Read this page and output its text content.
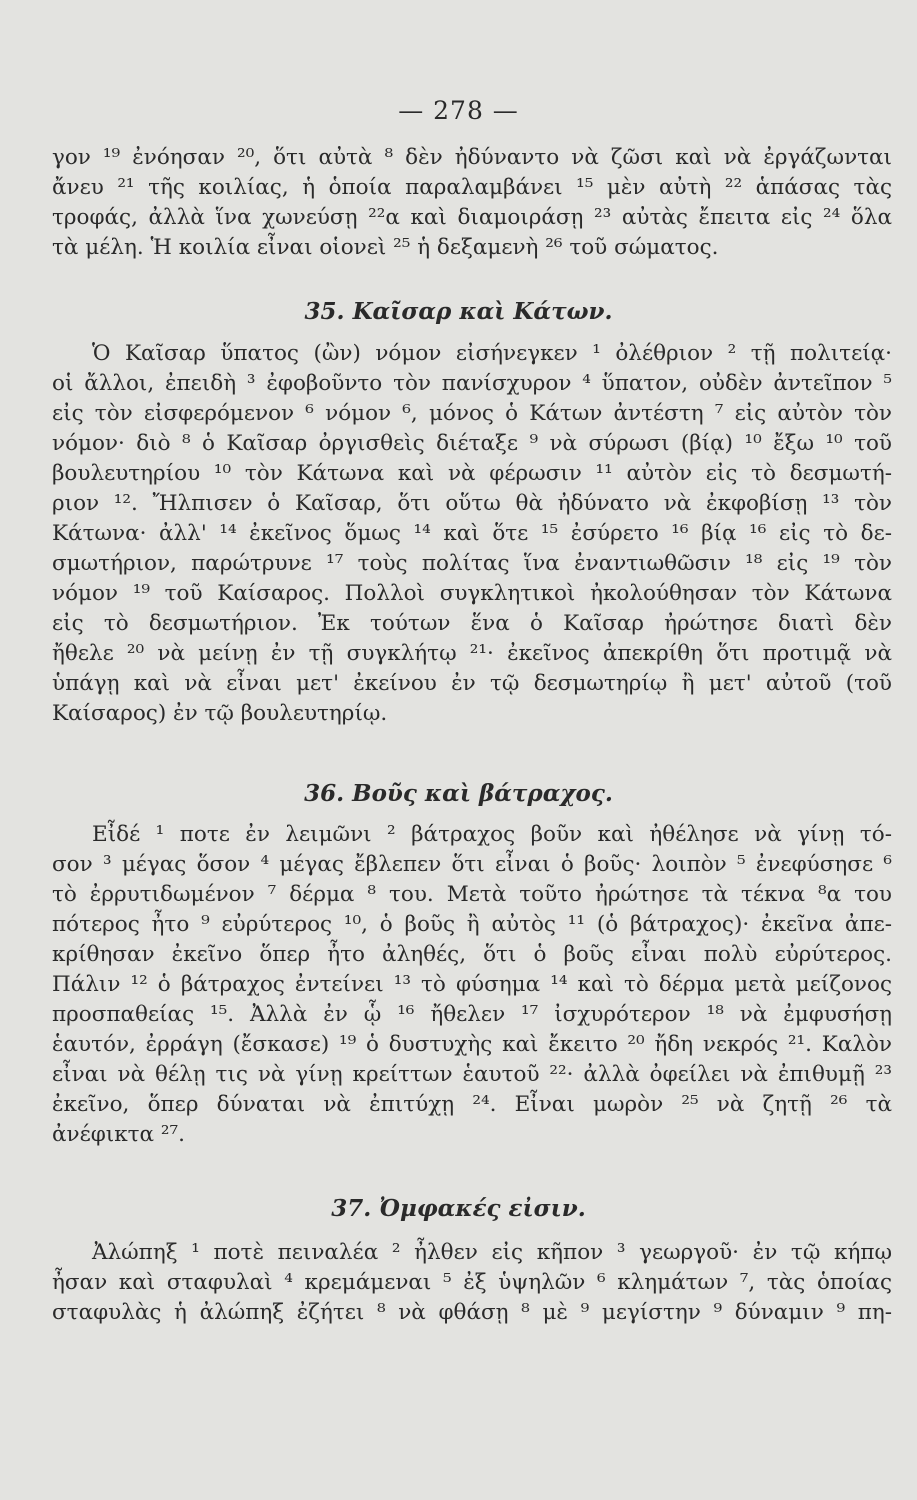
— 278 —
γον ¹⁹ ἐνόησαν ²⁰, ὅτι αὐτὰ ⁸ δὲν ἠδύναντο νὰ ζῶσι καὶ νὰ ἐργάζωνται
ἄνευ ²¹ τῆς κοιλίας, ἡ ὁποία παραλαμβάνει ¹⁵ μὲν αὐτὴ ²² ἁπάσας τὰς
τροφάς, ἀλλὰ ἵνα χωνεύσῃ ²²α καὶ διαμοιράσῃ ²³ αὐτὰς ἔπειτα εἰς ²⁴ ὅλα
τὰ μέλη. Ἡ κοιλία εἶναι οἱονεὶ ²⁵ ἡ δεξαμενὴ ²⁶ τοῦ σώματος.
35. Καῖσαρ καὶ Κάτων.
Ὁ Καῖσαρ ὕπατος (ὢν) νόμον εἰσήνεγκεν ¹ ὀλέθριον ² τῇ πολιτείᾳ·
οἱ ἄλλοι, ἐπειδὴ ³ ἐφοβοῦντο τὸν πανίσχυρον ⁴ ὕπατον, οὐδὲν ἀντεῖπον ⁵
εἰς τὸν εἰσφερόμενον ⁶ νόμον ⁶, μόνος ὁ Κάτων ἀντέστη ⁷ εἰς αὐτὸν τὸν
νόμον· διὸ ⁸ ὁ Καῖσαρ ὀργισθεὶς διέταξε ⁹ νὰ σύρωσι (βίᾳ) ¹⁰ ἔξω ¹⁰ τοῦ
βουλευτηρίου ¹⁰ τὸν Κάτωνα καὶ νὰ φέρωσιν ¹¹ αὐτὸν εἰς τὸ δεσμωτή-
ριον ¹². Ἤλπισεν ὁ Καῖσαρ, ὅτι οὕτω θὰ ἠδύνατο νὰ ἐκφοβίσῃ ¹³ τὸν
Κάτωνα· ἀλλ' ¹⁴ ἐκεῖνος ὅμως ¹⁴ καὶ ὅτε ¹⁵ ἐσύρετο ¹⁶ βίᾳ ¹⁶ εἰς τὸ δε-
σμωτήριον, παρώτρυνε ¹⁷ τοὺς πολίτας ἵνα ἐναντιωθῶσιν ¹⁸ εἰς ¹⁹ τὸν
νόμον ¹⁹ τοῦ Καίσαρος. Πολλοὶ συγκλητικοὶ ἠκολούθησαν τὸν Κάτωνα
εἰς τὸ δεσμωτήριον. Ἐκ τούτων ἕνα ὁ Καῖσαρ ἠρώτησε διατὶ δὲν
ἤθελε ²⁰ νὰ μείνῃ ἐν τῇ συγκλήτῳ ²¹· ἐκεῖνος ἀπεκρίθη ὅτι προτιμᾷ νὰ
ὑπάγῃ καὶ νὰ εἶναι μετ' ἐκείνου ἐν τῷ δεσμωτηρίῳ ἢ μετ' αὐτοῦ (τοῦ
Καίσαρος) ἐν τῷ βουλευτηρίῳ.
36. Βοῦς καὶ βάτραχος.
Εἶδέ ¹ ποτε ἐν λειμῶνι ² βάτραχος βοῦν καὶ ἠθέλησε νὰ γίνῃ τό-
σον ³ μέγας ὅσον ⁴ μέγας ἔβλεπεν ὅτι εἶναι ὁ βοῦς· λοιπὸν ⁵ ἐνεφύσησε ⁶
τὸ ἐρρυτιδωμένον ⁷ δέρμα ⁸ του. Μετὰ τοῦτο ἠρώτησε τὰ τέκνα ⁸α του
πότερος ἦτο ⁹ εὐρύτερος ¹⁰, ὁ βοῦς ἢ αὐτὸς ¹¹ (ὁ βάτραχος)· ἐκεῖνα ἀπε-
κρίθησαν ἐκεῖνο ὅπερ ἦτο ἀληθές, ὅτι ὁ βοῦς εἶναι πολὺ εὐρύτερος.
Πάλιν ¹² ὁ βάτραχος ἐντείνει ¹³ τὸ φύσημα ¹⁴ καὶ τὸ δέρμα μετὰ μείζονος
προσπαθείας ¹⁵. Ἀλλὰ ἐν ᾧ ¹⁶ ἤθελεν ¹⁷ ἰσχυρότερον ¹⁸ νὰ ἐμφυσήσῃ
ἑαυτόν, ἐρράγη (ἔσκασε) ¹⁹ ὁ δυστυχὴς καὶ ἔκειτο ²⁰ ἤδη νεκρός ²¹. Καλὸν
εἶναι νὰ θέλῃ τις νὰ γίνῃ κρείττων ἑαυτοῦ ²²· ἀλλὰ ὀφείλει νὰ ἐπιθυμῇ ²³
ἐκεῖνο, ὅπερ δύναται νὰ ἐπιτύχῃ ²⁴. Εἶναι μωρὸν ²⁵ νὰ ζητῇ ²⁶ τὰ
ἀνέφικτα ²⁷.
37. Ὀμφακές εἰσιν.
Ἀλώπηξ ¹ ποτὲ πειναλέα ² ἦλθεν εἰς κῆπον ³ γεωργοῦ· ἐν τῷ κήπῳ
ἦσαν καὶ σταφυλαὶ ⁴ κρεμάμεναι ⁵ ἐξ ὑψηλῶν ⁶ κλημάτων ⁷, τὰς ὁποίας
σταφυλὰς ἡ ἀλώπηξ ἐζήτει ⁸ νὰ φθάσῃ ⁸ μὲ ⁹ μεγίστην ⁹ δύναμιν ⁹ πη-
